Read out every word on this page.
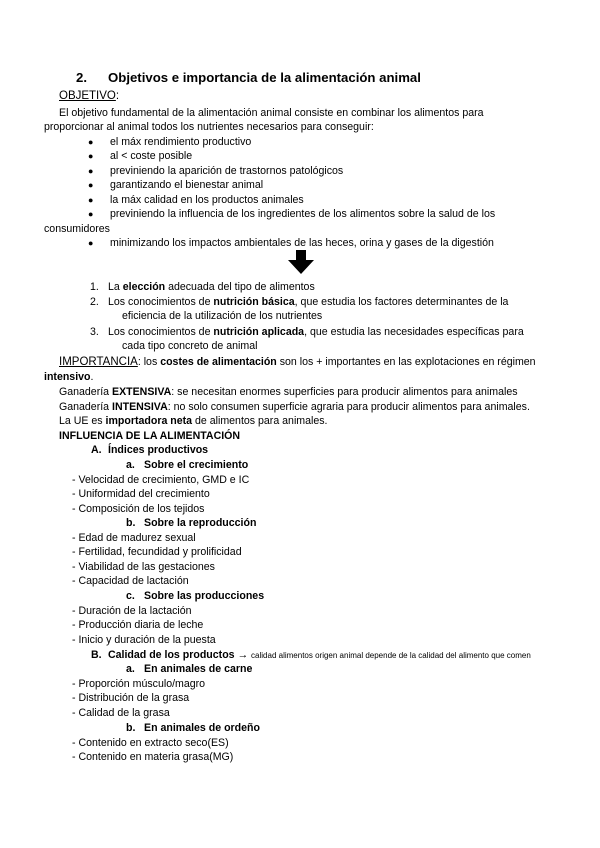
2. Objetivos e importancia de la alimentación animal
OBJETIVO:
El objetivo fundamental de la alimentación animal consiste en combinar los alimentos para
proporcionar al animal todos los nutrientes necesarios para conseguir:
● el máx rendimiento productivo
● al < coste posible
● previniendo la aparición de trastornos patológicos
● garantizando el bienestar animal
● la máx calidad en los productos animales
● previniendo la influencia de los ingredientes de los alimentos sobre la salud de los
consumidores
● minimizando los impactos ambientales de las heces, orina y gases de la digestión
1. La elección adecuada del tipo de alimentos
2. Los conocimientos de nutrición básica, que estudia los factores determinantes de la
eficiencia de la utilización de los nutrientes
3. Los conocimientos de nutrición aplicada, que estudia las necesidades específicas para
cada tipo concreto de animal
IMPORTANCIA: los costes de alimentación son los + importantes en las explotaciones en régimen
intensivo.
Ganadería EXTENSIVA: se necesitan enormes superficies para producir alimentos para animales
Ganadería INTENSIVA: no solo consumen superficie agraria para producir alimentos para animales.
La UE es importadora neta de alimentos para animales.
INFLUENCIA DE LA ALIMENTACIÓN
A. Índices productivos
a. Sobre el crecimiento
- Velocidad de crecimiento, GMD e IC
- Uniformidad del crecimiento
- Composición de los tejidos
b. Sobre la reproducción
- Edad de madurez sexual
- Fertilidad, fecundidad y prolificidad
- Viabilidad de las gestaciones
- Capacidad de lactación
c. Sobre las producciones
- Duración de la lactación
- Producción diaria de leche
- Inicio y duración de la puesta
B. Calidad de los productos → calidad alimentos origen animal depende de la calidad del alimento que comen
a. En animales de carne
- Proporción músculo/magro
- Distribución de la grasa
- Calidad de la grasa
b. En animales de ordeño
- Contenido en extracto seco(ES)
- Contenido en materia grasa(MG)
